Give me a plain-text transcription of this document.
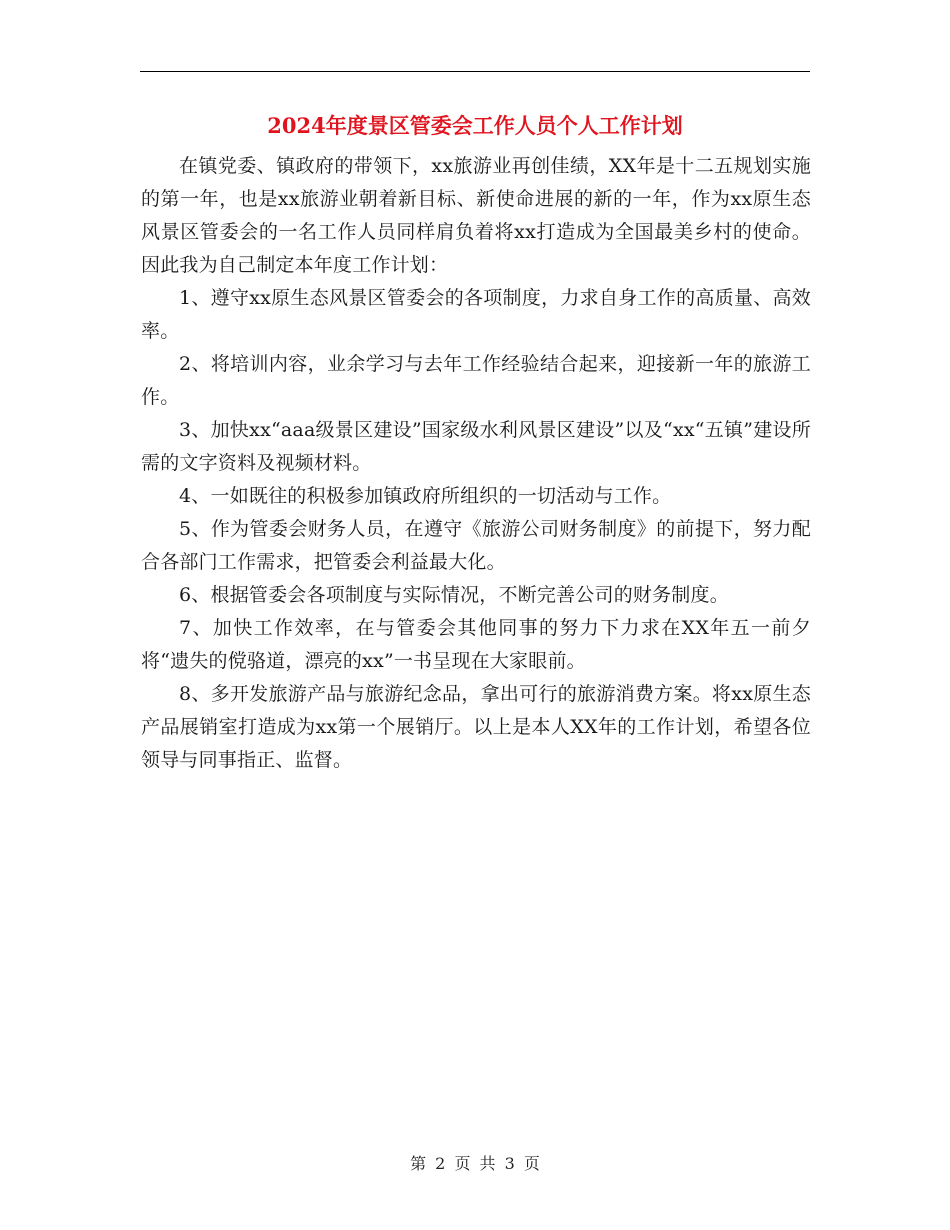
2024年度景区管委会工作人员个人工作计划

在镇党委、镇政府的带领下，xx旅游业再创佳绩，XX年是十二五规划实施的第一年，也是xx旅游业朝着新目标、新使命进展的新的一年，作为xx原生态风景区管委会的一名工作人员同样肩负着将xx打造成为全国最美乡村的使命。因此我为自己制定本年度工作计划：

1、遵守xx原生态风景区管委会的各项制度，力求自身工作的高质量、高效率。

2、将培训内容，业余学习与去年工作经验结合起来，迎接新一年的旅游工作。

3、加快xx“aaa级景区建设”国家级水利风景区建设”以及“xx“五镇”建设所需的文字资料及视频材料。

4、一如既往的积极参加镇政府所组织的一切活动与工作。

5、作为管委会财务人员，在遵守《旅游公司财务制度》的前提下，努力配合各部门工作需求，把管委会利益最大化。

6、根据管委会各项制度与实际情况，不断完善公司的财务制度。

7、加快工作效率，在与管委会其他同事的努力下力求在XX年五一前夕将“遗失的傥骆道，漂亮的xx”一书呈现在大家眼前。

8、多开发旅游产品与旅游纪念品，拿出可行的旅游消费方案。将xx原生态产品展销室打造成为xx第一个展销厅。以上是本人XX年的工作计划，希望各位领导与同事指正、监督。

第 2 页 共 3 页
